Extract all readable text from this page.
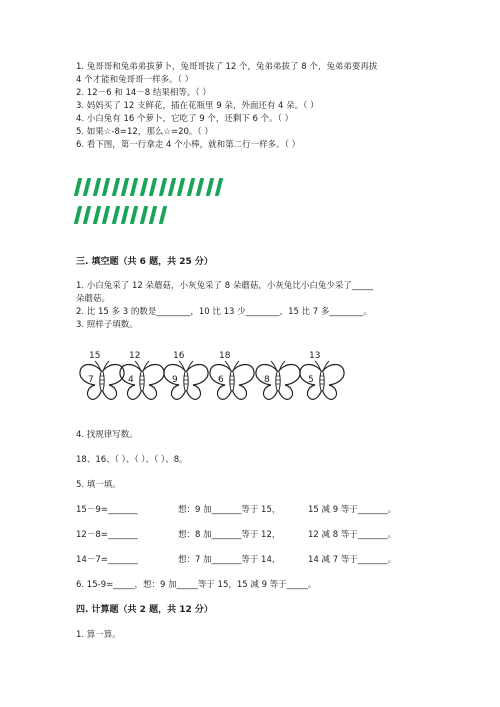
1. 兔哥哥和兔弟弟拔萝卜，兔哥哥拔了 12 个，兔弟弟拔了 8 个，兔弟弟要再拔
4 个才能和兔哥哥一样多。（ ）
2. 12－6 和 14－8 结果相等。（ ）
3. 妈妈买了 12 支鲜花，插在花瓶里 9 朵，外面还有 4 朵。（ ）
4. 小白兔有 16 个萝卜，它吃了 9 个，还剩下 6 个。（ ）
5. 如果☆-8=12，那么☆=20。（ ）
6. 看下图，第一行拿走 4 个小棒，就和第二行一样多。（ ）
三. 填空题（共 6 题，共 25 分）
1. 小白兔采了 12 朵蘑菇，小灰兔采了 8 朵蘑菇，小灰兔比小白兔少采了_____
朵蘑菇。
2. 比 15 多 3 的数是________，10 比 13 少________，15 比 7 多________。
3. 照样子填数。
15
7
12
4
16
9
18
6	8
13
5
4. 找规律写数。
18、16、（ ）、（ ）、（ ）、8。
5. 填一填。
15－9=_______	想：9 加_______等于 15，	15 减 9 等于_______。
12－8=_______	想：8 加_______等于 12，	12 减 8 等于_______。
14－7=_______	想：7 加_______等于 14，	14 减 7 等于_______。
6. 15-9=_____，想：9 加_____等于 15，15 减 9 等于_____。
四. 计算题（共 2 题，共 12 分）
1. 算一算。
